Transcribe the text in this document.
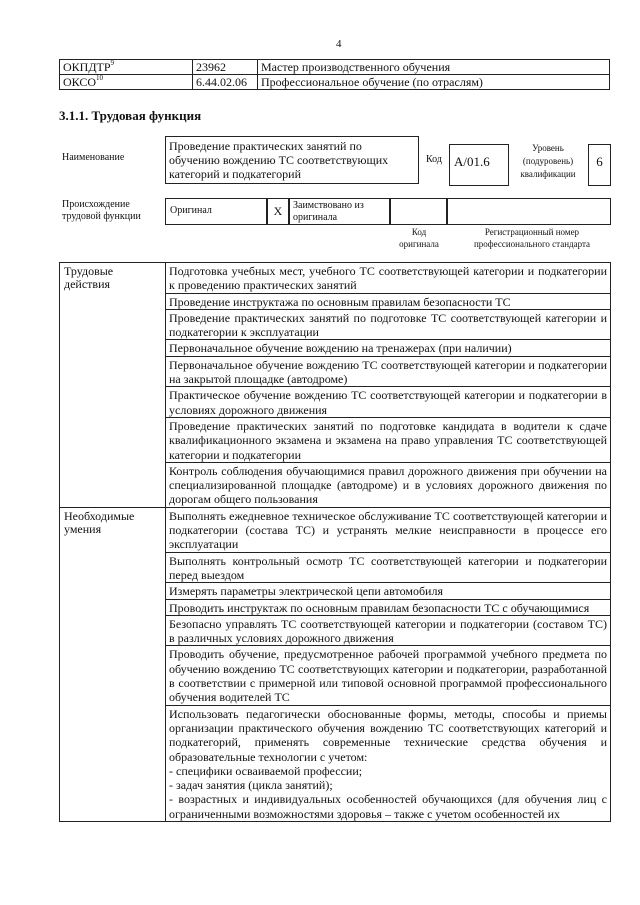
4
ОКПДТР$^9$	23962	Мастер производственного обучения
ОКСО$^{10}$	6.44.02.06	Профессиональное обучение (по отраслям)
3.1.1. Трудовая функция
Наименование
Проведение практических занятий по обучению вождению ТС соответствующих категорий и подкатегорий
Код A/01.6
Уровень (подуровень) квалификации
6
Происхождение трудовой функции
Оригинал	X	Заимствовано из оригинала
Код оригинала
Регистрационный номер профессионального стандарта
Трудовые действия	Подготовка учебных мест, учебного ТС соответствующей категории и подкатегории к проведению практических занятий
	Проведение инструктажа по основным правилам безопасности ТС
	Проведение практических занятий по подготовке ТС соответствующей категории и подкатегории к эксплуатации
	Первоначальное обучение вождению на тренажерах (при наличии)
	Первоначальное обучение вождению ТС соответствующей категории и подкатегории на закрытой площадке (автодроме)
	Практическое обучение вождению ТС соответствующей категории и подкатегории в условиях дорожного движения
	Проведение практических занятий по подготовке кандидата в водители к сдаче квалификационного экзамена и экзамена на право управления ТС соответствующей категории и подкатегории
	Контроль соблюдения обучающимися правил дорожного движения при обучении на специализированной площадке (автодроме) и в условиях дорожного движения по дорогам общего пользования
Необходимые умения	Выполнять ежедневное техническое обслуживание ТС соответствующей категории и подкатегории (состава ТС) и устранять мелкие неисправности в процессе его эксплуатации
	Выполнять контрольный осмотр ТС соответствующей категории и подкатегории перед выездом
	Измерять параметры электрической цепи автомобиля
	Проводить инструктаж по основным правилам безопасности ТС с обучающимися
	Безопасно управлять ТС соответствующей категории и подкатегории (составом ТС) в различных условиях дорожного движения
	Проводить обучение, предусмотренное рабочей программой учебного предмета по обучению вождению ТС соответствующих категории и подкатегории, разработанной в соответствии с примерной или типовой основной программой профессионального обучения водителей ТС

	Использовать педагогически обоснованные формы, методы, способы и приемы организации практического обучения вождению ТС соответствующих категорий и подкатегорий, применять современные технические средства обучения и образовательные технологии с учетом:
- специфики осваиваемой профессии;
- задач занятия (цикла занятий);
- возрастных и индивидуальных особенностей обучающихся (для обучения лиц с ограниченными возможностями здоровья – также с учетом особенностей их
